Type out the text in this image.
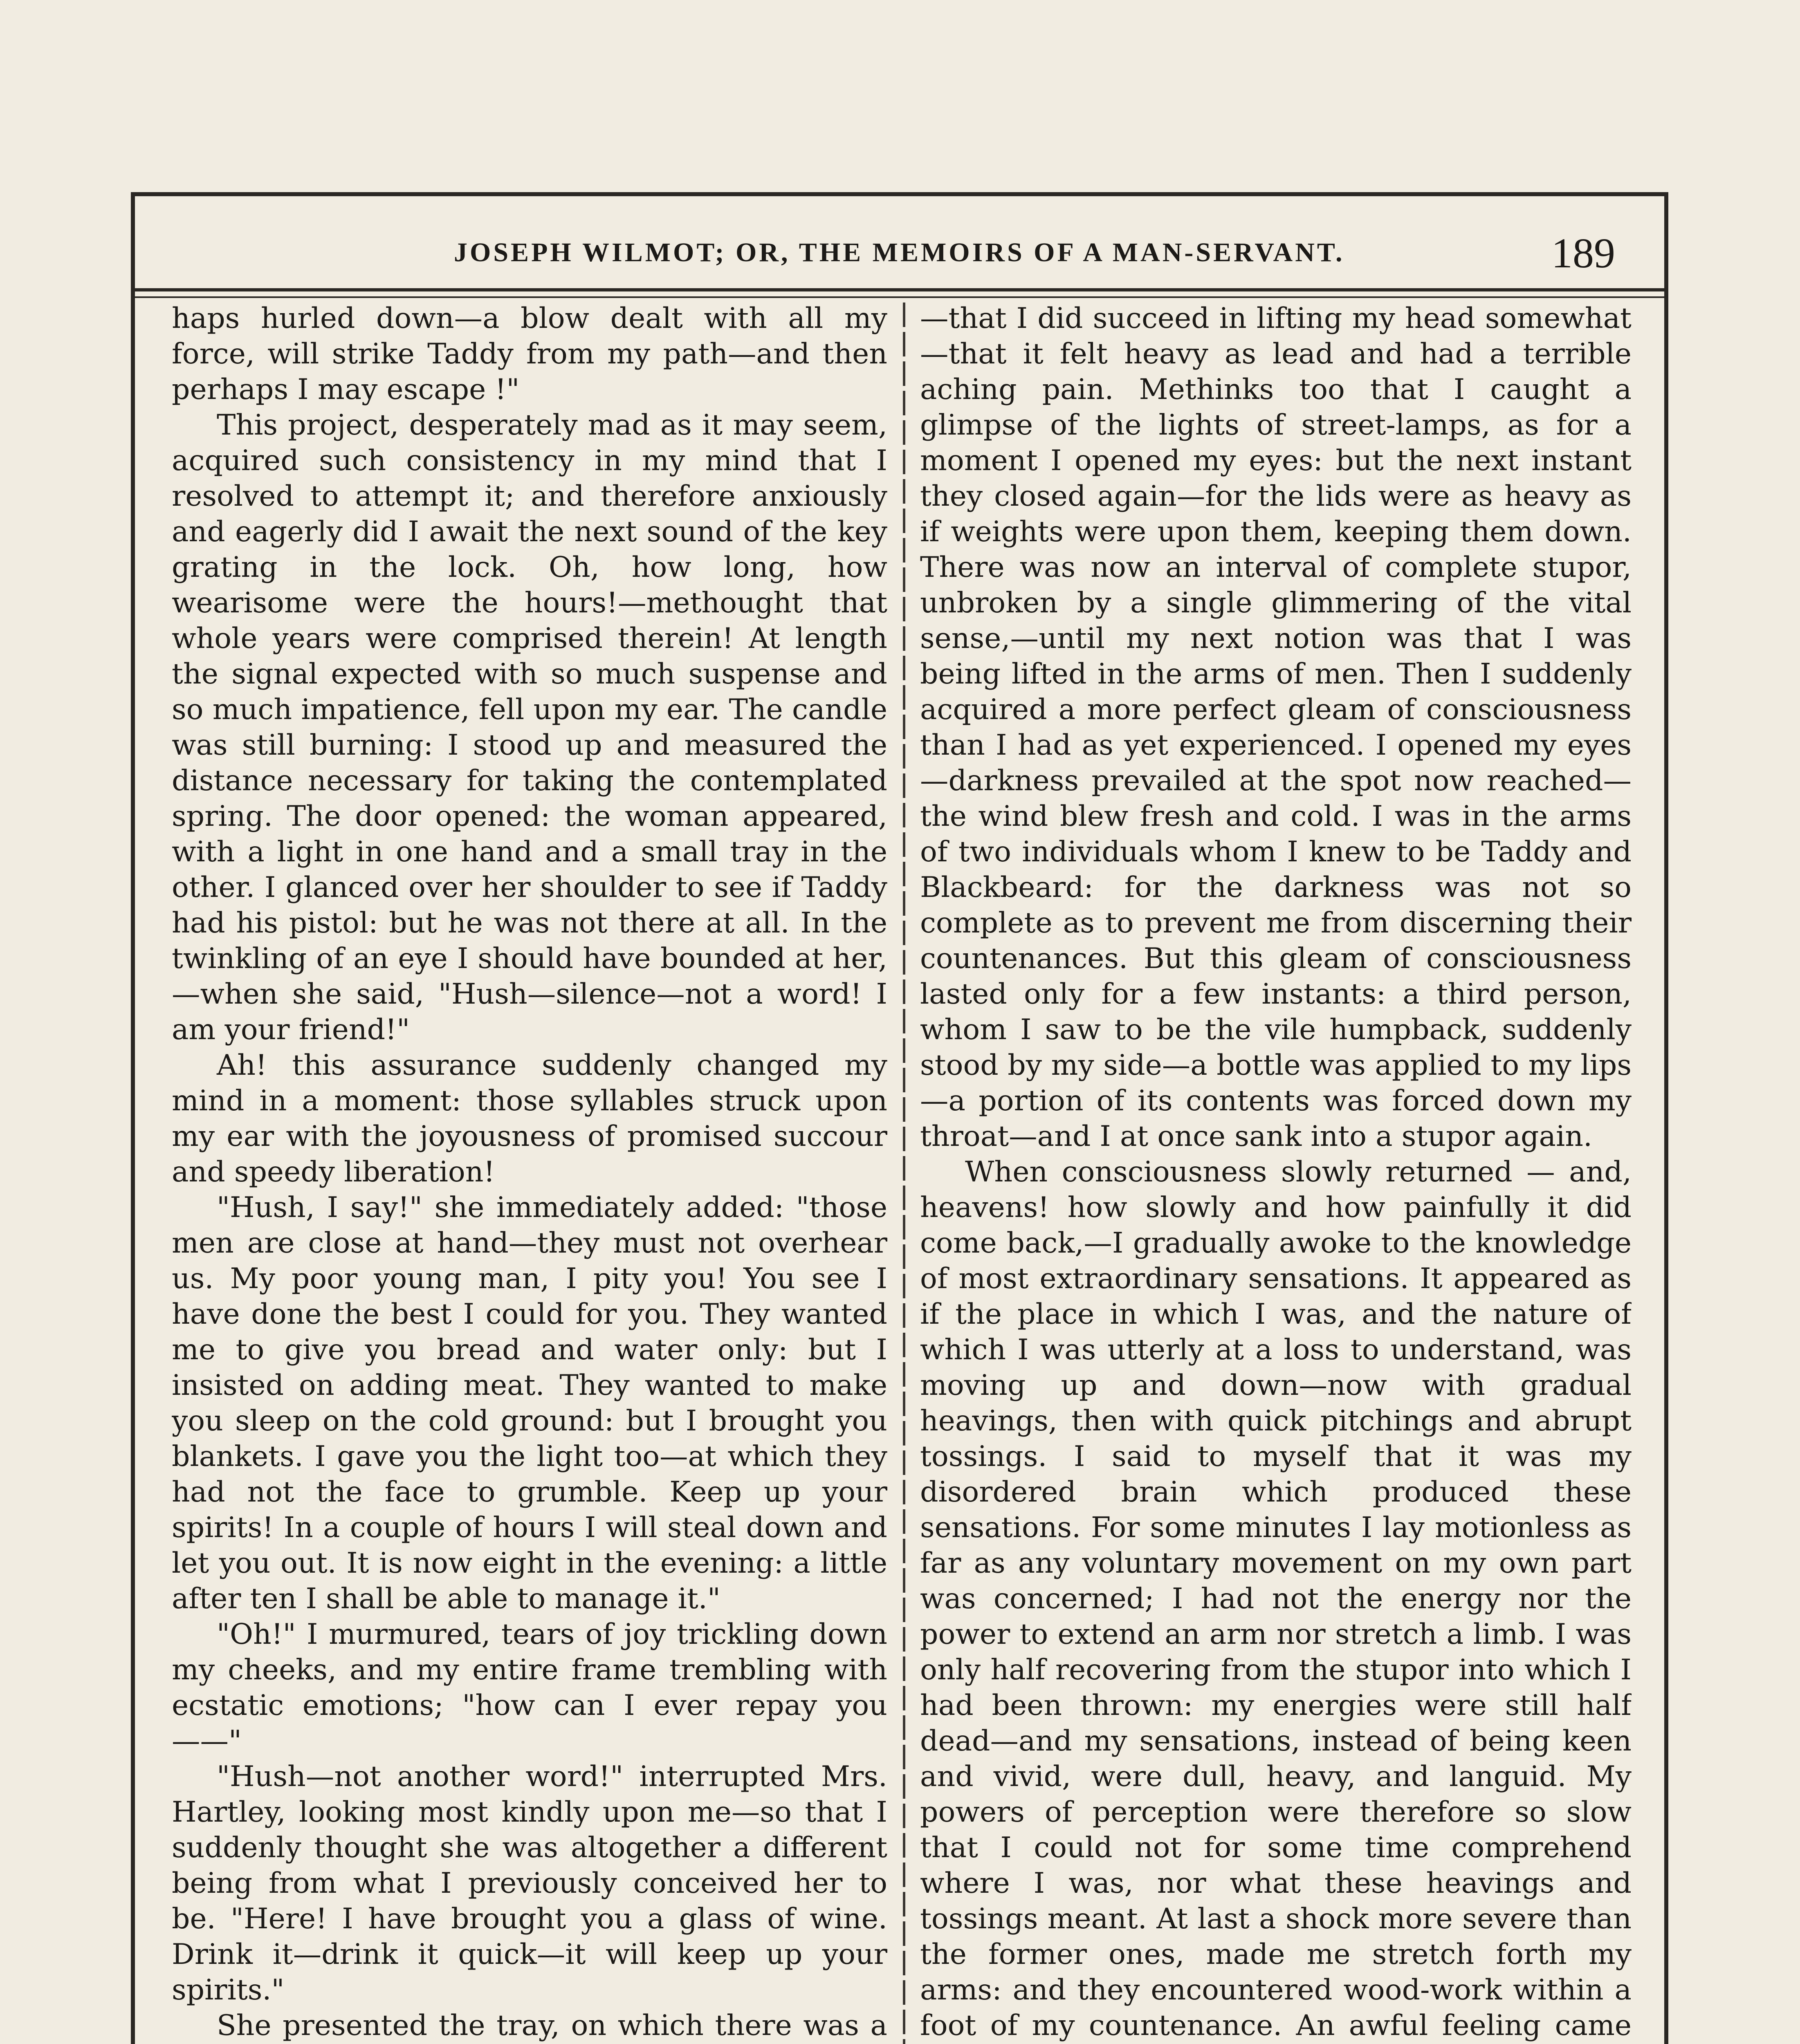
JOSEPH WILMOT; OR, THE MEMOIRS OF A MAN-SERVANT.	189

haps hurled down—a blow dealt with all my force, will strike Taddy from my path—and then perhaps I may escape !"

This project, desperately mad as it may seem, acquired such consistency in my mind that I resolved to attempt it; and therefore anxiously and eagerly did I await the next sound of the key grating in the lock. Oh, how long, how wearisome were the hours!—methought that whole years were comprised therein! At length the signal expected with so much suspense and so much impatience, fell upon my ear. The candle was still burning: I stood up and measured the distance necessary for taking the contemplated spring. The door opened: the woman appeared, with a light in one hand and a small tray in the other. I glanced over her shoulder to see if Taddy had his pistol: but he was not there at all. In the twinkling of an eye I should have bounded at her,—when she said, "Hush—silence—not a word! I am your friend!"

Ah! this assurance suddenly changed my mind in a moment: those syllables struck upon my ear with the joyousness of promised succour and speedy liberation!

"Hush, I say!" she immediately added: "those men are close at hand—they must not overhear us. My poor young man, I pity you! You see I have done the best I could for you. They wanted me to give you bread and water only: but I insisted on adding meat. They wanted to make you sleep on the cold ground: but I brought you blankets. I gave you the light too—at which they had not the face to grumble. Keep up your spirits! In a couple of hours I will steal down and let you out. It is now eight in the evening: a little after ten I shall be able to manage it."

"Oh!" I murmured, tears of joy trickling down my cheeks, and my entire frame trembling with ecstatic emotions; "how can I ever repay you——"

"Hush—not another word!" interrupted Mrs. Hartley, looking most kindly upon me—so that I suddenly thought she was altogether a different being from what I previously conceived her to be. "Here! I have brought you a glass of wine. Drink it—drink it quick—it will keep up your spirits."

She presented the tray, on which there was a

—that I did succeed in lifting my head somewhat—that it felt heavy as lead and had a terrible aching pain. Methinks too that I caught a glimpse of the lights of street-lamps, as for a moment I opened my eyes: but the next instant they closed again—for the lids were as heavy as if weights were upon them, keeping them down. There was now an interval of complete stupor, unbroken by a single glimmering of the vital sense,—until my next notion was that I was being lifted in the arms of men. Then I suddenly acquired a more perfect gleam of consciousness than I had as yet experienced. I opened my eyes—darkness prevailed at the spot now reached—the wind blew fresh and cold. I was in the arms of two individuals whom I knew to be Taddy and Blackbeard: for the darkness was not so complete as to prevent me from discerning their countenances. But this gleam of consciousness lasted only for a few instants: a third person, whom I saw to be the vile humpback, suddenly stood by my side—a bottle was applied to my lips—a portion of its contents was forced down my throat—and I at once sank into a stupor again.

When consciousness slowly returned — and, heavens! how slowly and how painfully it did come back,—I gradually awoke to the knowledge of most extraordinary sensations. It appeared as if the place in which I was, and the nature of which I was utterly at a loss to understand, was moving up and down—now with gradual heavings, then with quick pitchings and abrupt tossings. I said to myself that it was my disordered brain which produced these sensations. For some minutes I lay motionless as far as any voluntary movement on my own part was concerned; I had not the energy nor the power to extend an arm nor stretch a limb. I was only half recovering from the stupor into which I had been thrown: my energies were still half dead—and my sensations, instead of being keen and vivid, were dull, heavy, and languid. My powers of perception were therefore so slow that I could not for some time comprehend where I was, nor what these heavings and tossings meant. At last a shock more severe than the former ones, made me stretch forth my arms: and they encountered wood-work within a foot of my countenance. An awful feeling came
